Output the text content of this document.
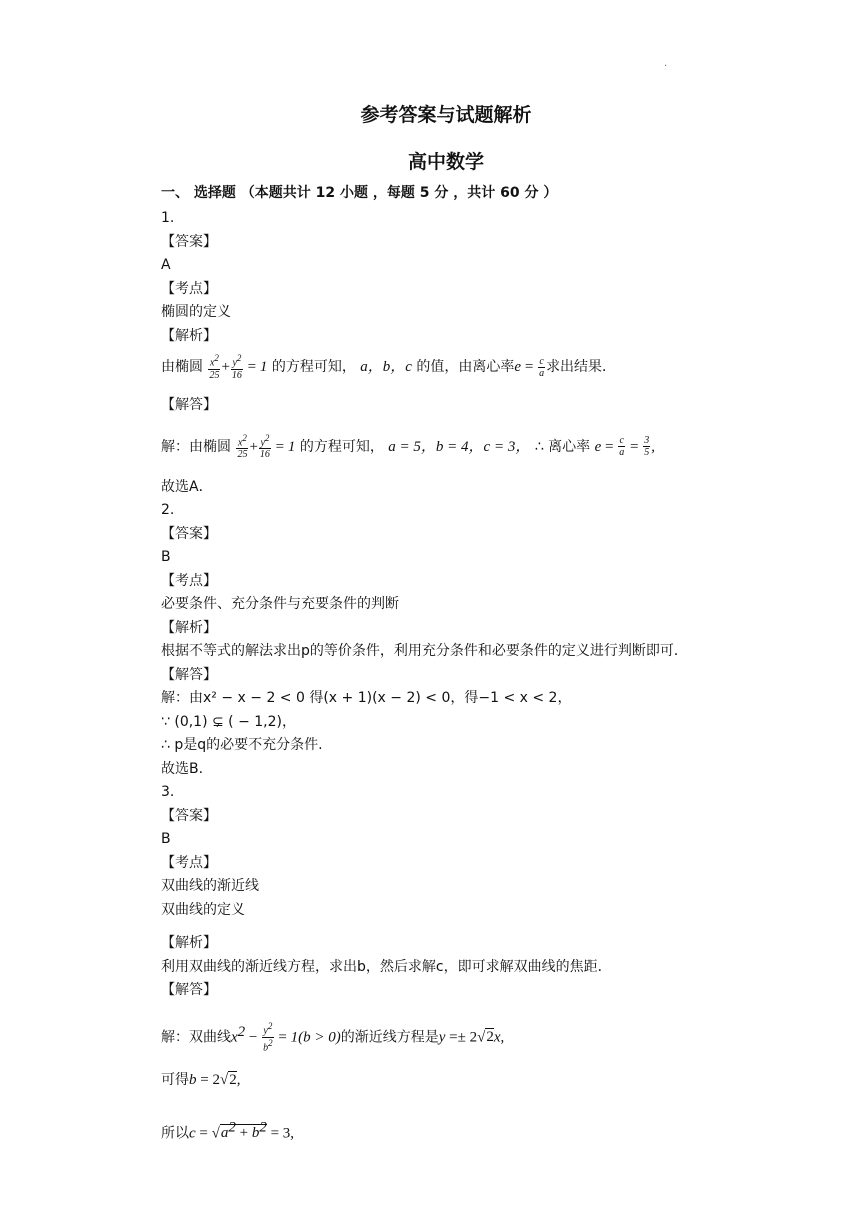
.
参考答案与试题解析
高中数学
一、 选择题 （本题共计 12 小题 ，每题 5 分 ，共计 60 分 ）
1.
【答案】
A
【考点】
椭圆的定义
【解析】
由椭圆 $\frac{x^2}{25} + \frac{y^2}{16} = 1$ 的方程可知， a，b，c 的值，由离心率$e = \frac{c}{a}$ 求出结果．
【解答】
解：由椭圆 $\frac{x^2}{25} + \frac{y^2}{16} = 1$ 的方程可知， a = 5，b = 4，c = 3， ∴ 离心率 $e = \frac{c}{a} = \frac{3}{5}$ ,
故选A．
2.
【答案】
B
【考点】
必要条件、充分条件与充要条件的判断
【解析】
根据不等式的解法求出p的等价条件，利用充分条件和必要条件的定义进行判断即可．
【解答】
解：由x² − x − 2 < 0 得(x + 1)(x − 2) < 0，得−1 < x < 2，
∵ (0,1) ⊊ ( − 1,2)，
∴ p是q的必要不充分条件.
故选B.
3.
【答案】
B
【考点】
双曲线的渐近线
双曲线的定义
【解析】
利用双曲线的渐近线方程，求出b，然后求解c，即可求解双曲线的焦距．
【解答】
解：双曲线$x^2 - \frac{y^2}{b^2} = 1(b > 0)$的渐近线方程是y =± 2√2x,
可得b = 2√2,
所以$c = √a^2 + b^2 = 3$,
